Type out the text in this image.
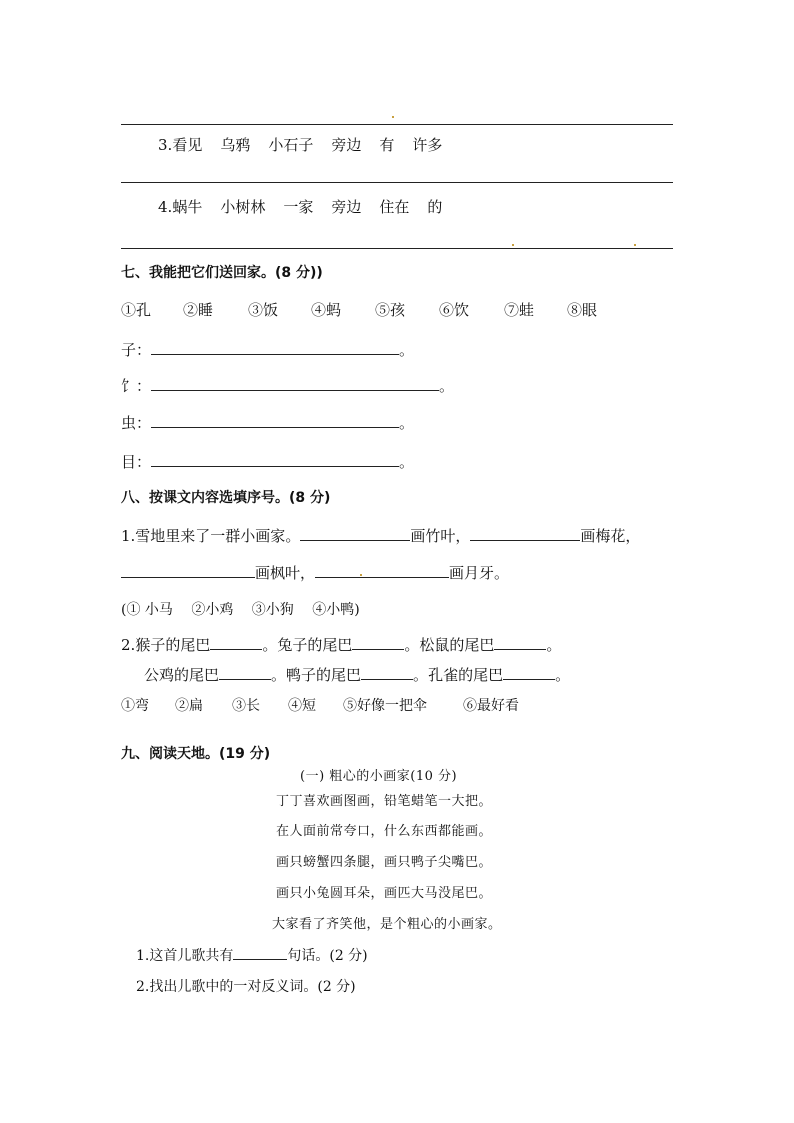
3.看见 乌鸦 小石子 旁边 有 许多
4.蜗牛 小树林 一家 旁边 住在 的
七、我能把它们送回家。(8 分))
①孔 ②睡 ③饭 ④蚂 ⑤孩 ⑥饮 ⑦蛙 ⑧眼
子：	。
饣：	。
虫：	。
目：	。
八、按课文内容选填序号。(8 分)
1.雪地里来了一群小画家。	画竹叶，	画梅花，
画枫叶，	画月牙。
(① 小马　 ②小鸡　 ③小狗　 ④小鸭)
2.猴子的尾巴	。兔子的尾巴	。松鼠的尾巴	。
公鸡的尾巴	。鸭子的尾巴	。孔雀的尾巴	。
①弯 ②扁 ③长 ④短 ⑤好像一把伞	⑥最好看
九、阅读天地。(19 分)
(一) 粗心的小画家(10 分)
丁丁喜欢画图画，铅笔蜡笔一大把。
在人面前常夸口，什么东西都能画。
画只螃蟹四条腿，画只鸭子尖嘴巴。
画只小兔圆耳朵，画匹大马没尾巴。
大家看了齐笑他，是个粗心的小画家。
1.这首儿歌共有	句话。(2 分)
2.找出儿歌中的一对反义词。(2 分)
